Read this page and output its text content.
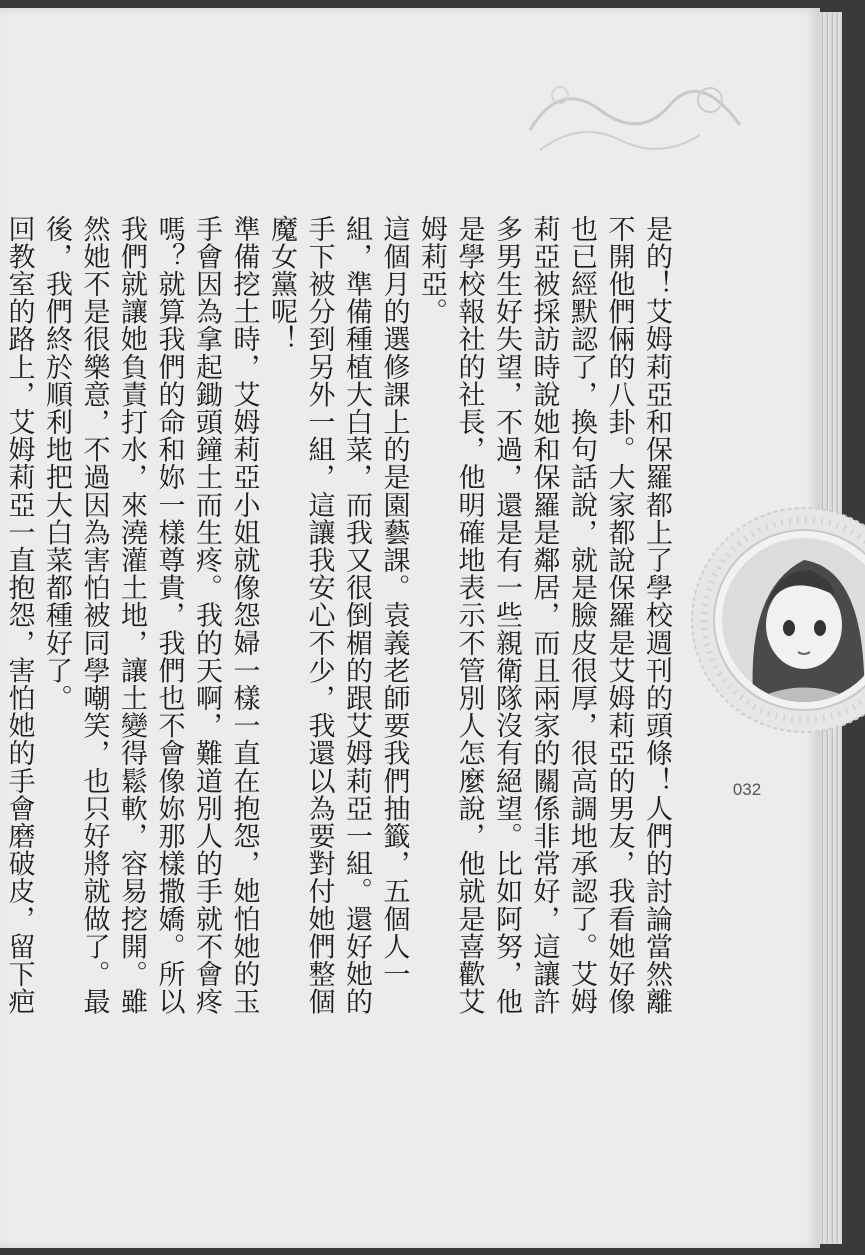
是的！艾姆莉亞和保羅都上了學校週刊的頭條！人們的討論當然離不開他們倆的八卦。大家都說保羅是艾姆莉亞的男友，我看她好像也已經默認了，換句話說，就是臉皮很厚，很高調地承認了。艾姆莉亞被採訪時說她和保羅是鄰居，而且兩家的關係非常好，這讓許多男生好失望，不過，還是有一些親衛隊沒有絕望。比如阿努，他是學校報社的社長，他明確地表示不管別人怎麼說，他就是喜歡艾姆莉亞。

這個月的選修課上的是園藝課。袁義老師要我們抽籤，五個人一組，準備種植大白菜，而我又很倒楣的跟艾姆莉亞一組。還好她的手下被分到另外一組，這讓我安心不少，我還以為要對付她們整個魔女黨呢！

準備挖土時，艾姆莉亞小姐就像怨婦一樣一直在抱怨，她怕她的玉手會因為拿起鋤頭鐘土而生疼。我的天啊，難道別人的手就不會疼嗎？就算我們的命和妳一樣尊貴，我們也不會像妳那樣撒嬌。所以我們就讓她負責打水，來澆灌土地，讓土變得鬆軟，容易挖開。雖然她不是很樂意，不過因為害怕被同學嘲笑，也只好將就做了。最後，我們終於順利地把大白菜都種好了。

回教室的路上，艾姆莉亞一直抱怨，害怕她的手會磨破皮，留下疤

032
